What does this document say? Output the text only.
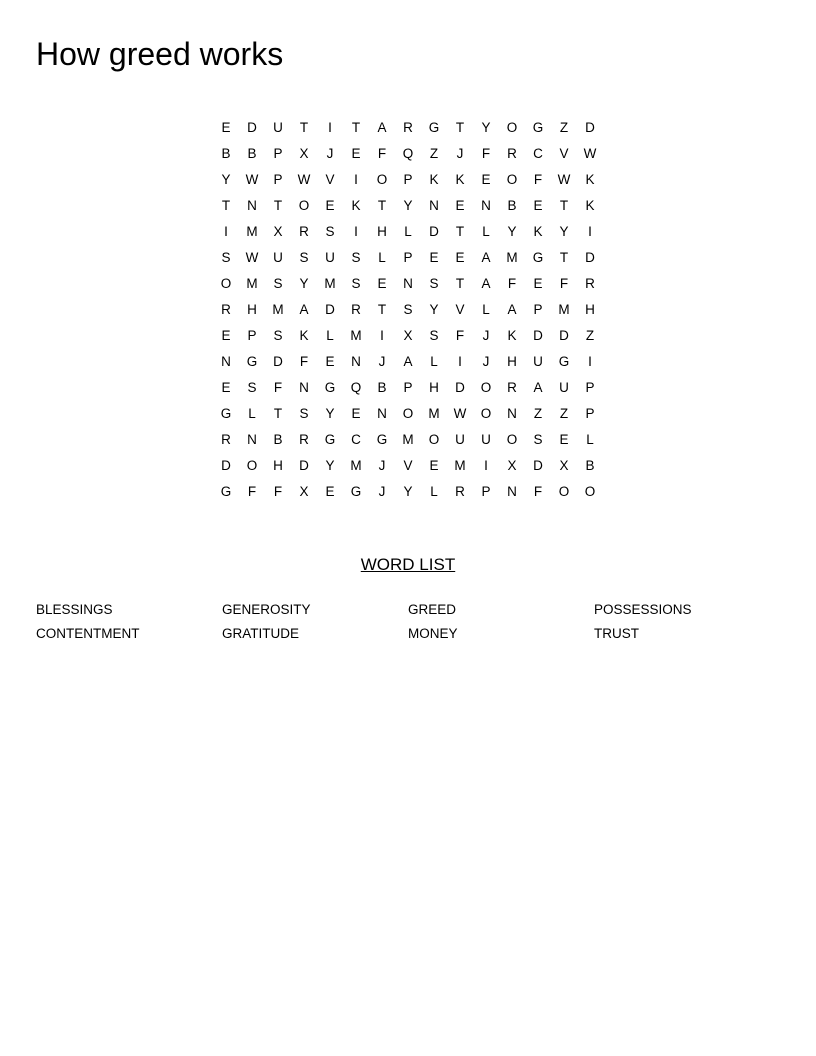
How greed works
E	D	U	T	I	T	A	R	G	T	Y	O	G	Z	D
B	B	P	X	J	E	F	Q	Z	J	F	R	C	V	W
Y	W	P	W	V	I	O	P	K	K	E	O	F	W	K
T	N	T	O	E	K	T	Y	N	E	N	B	E	T	K
I	M	X	R	S	I	H	L	D	T	L	Y	K	Y	I
S	W	U	S	U	S	L	P	E	E	A	M	G	T	D
O	M	S	Y	M	S	E	N	S	T	A	F	E	F	R
R	H	M	A	D	R	T	S	Y	V	L	A	P	M	H
E	P	S	K	L	M	I	X	S	F	J	K	D	D	Z
N	G	D	F	E	N	J	A	L	I	J	H	U	G	I
E	S	F	N	G	Q	B	P	H	D	O	R	A	U	P
G	L	T	S	Y	E	N	O	M	W	O	N	Z	Z	P
R	N	B	R	G	C	G	M	O	U	U	O	S	E	L
D	O	H	D	Y	M	J	V	E	M	I	X	D	X	B
G	F	F	X	E	G	J	Y	L	R	P	N	F	O	O
WORD LIST
BLESSINGS	GENEROSITY	GREED	POSSESSIONS
CONTENTMENT	GRATITUDE	MONEY	TRUST
